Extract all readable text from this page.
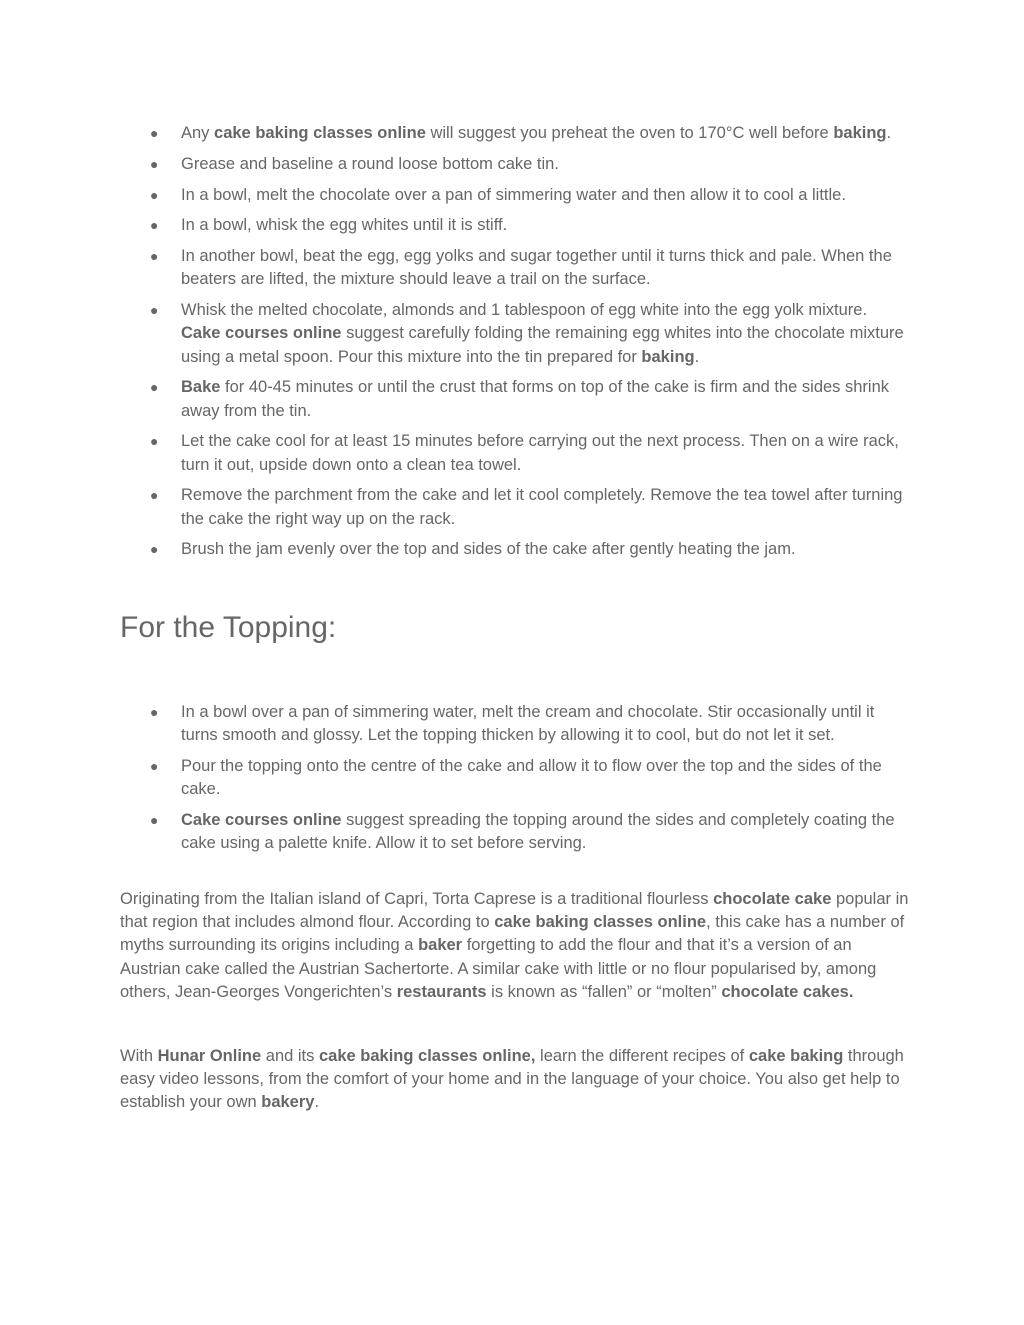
● Any cake baking classes online will suggest you preheat the oven to 170°C well before baking.
● Grease and baseline a round loose bottom cake tin.
● In a bowl, melt the chocolate over a pan of simmering water and then allow it to cool a little.
● In a bowl, whisk the egg whites until it is stiff.
● In another bowl, beat the egg, egg yolks and sugar together until it turns thick and pale. When the beaters are lifted, the mixture should leave a trail on the surface.
● Whisk the melted chocolate, almonds and 1 tablespoon of egg white into the egg yolk mixture. Cake courses online suggest carefully folding the remaining egg whites into the chocolate mixture using a metal spoon. Pour this mixture into the tin prepared for baking.
● Bake for 40-45 minutes or until the crust that forms on top of the cake is firm and the sides shrink away from the tin.
● Let the cake cool for at least 15 minutes before carrying out the next process. Then on a wire rack, turn it out, upside down onto a clean tea towel.
● Remove the parchment from the cake and let it cool completely. Remove the tea towel after turning the cake the right way up on the rack.
● Brush the jam evenly over the top and sides of the cake after gently heating the jam.
For the Topping:
● In a bowl over a pan of simmering water, melt the cream and chocolate. Stir occasionally until it turns smooth and glossy. Let the topping thicken by allowing it to cool, but do not let it set.
● Pour the topping onto the centre of the cake and allow it to flow over the top and the sides of the cake.
● Cake courses online suggest spreading the topping around the sides and completely coating the cake using a palette knife. Allow it to set before serving.

Originating from the Italian island of Capri, Torta Caprese is a traditional flourless chocolate cake popular in that region that includes almond flour. According to cake baking classes online, this cake has a number of myths surrounding its origins including a baker forgetting to add the flour and that it’s a version of an Austrian cake called the Austrian Sachertorte. A similar cake with little or no flour popularised by, among others, Jean-Georges Vongerichten’s restaurants is known as “fallen” or “molten” chocolate cakes.

With Hunar Online and its cake baking classes online, learn the different recipes of cake baking through easy video lessons, from the comfort of your home and in the language of your choice. You also get help to establish your own bakery.
